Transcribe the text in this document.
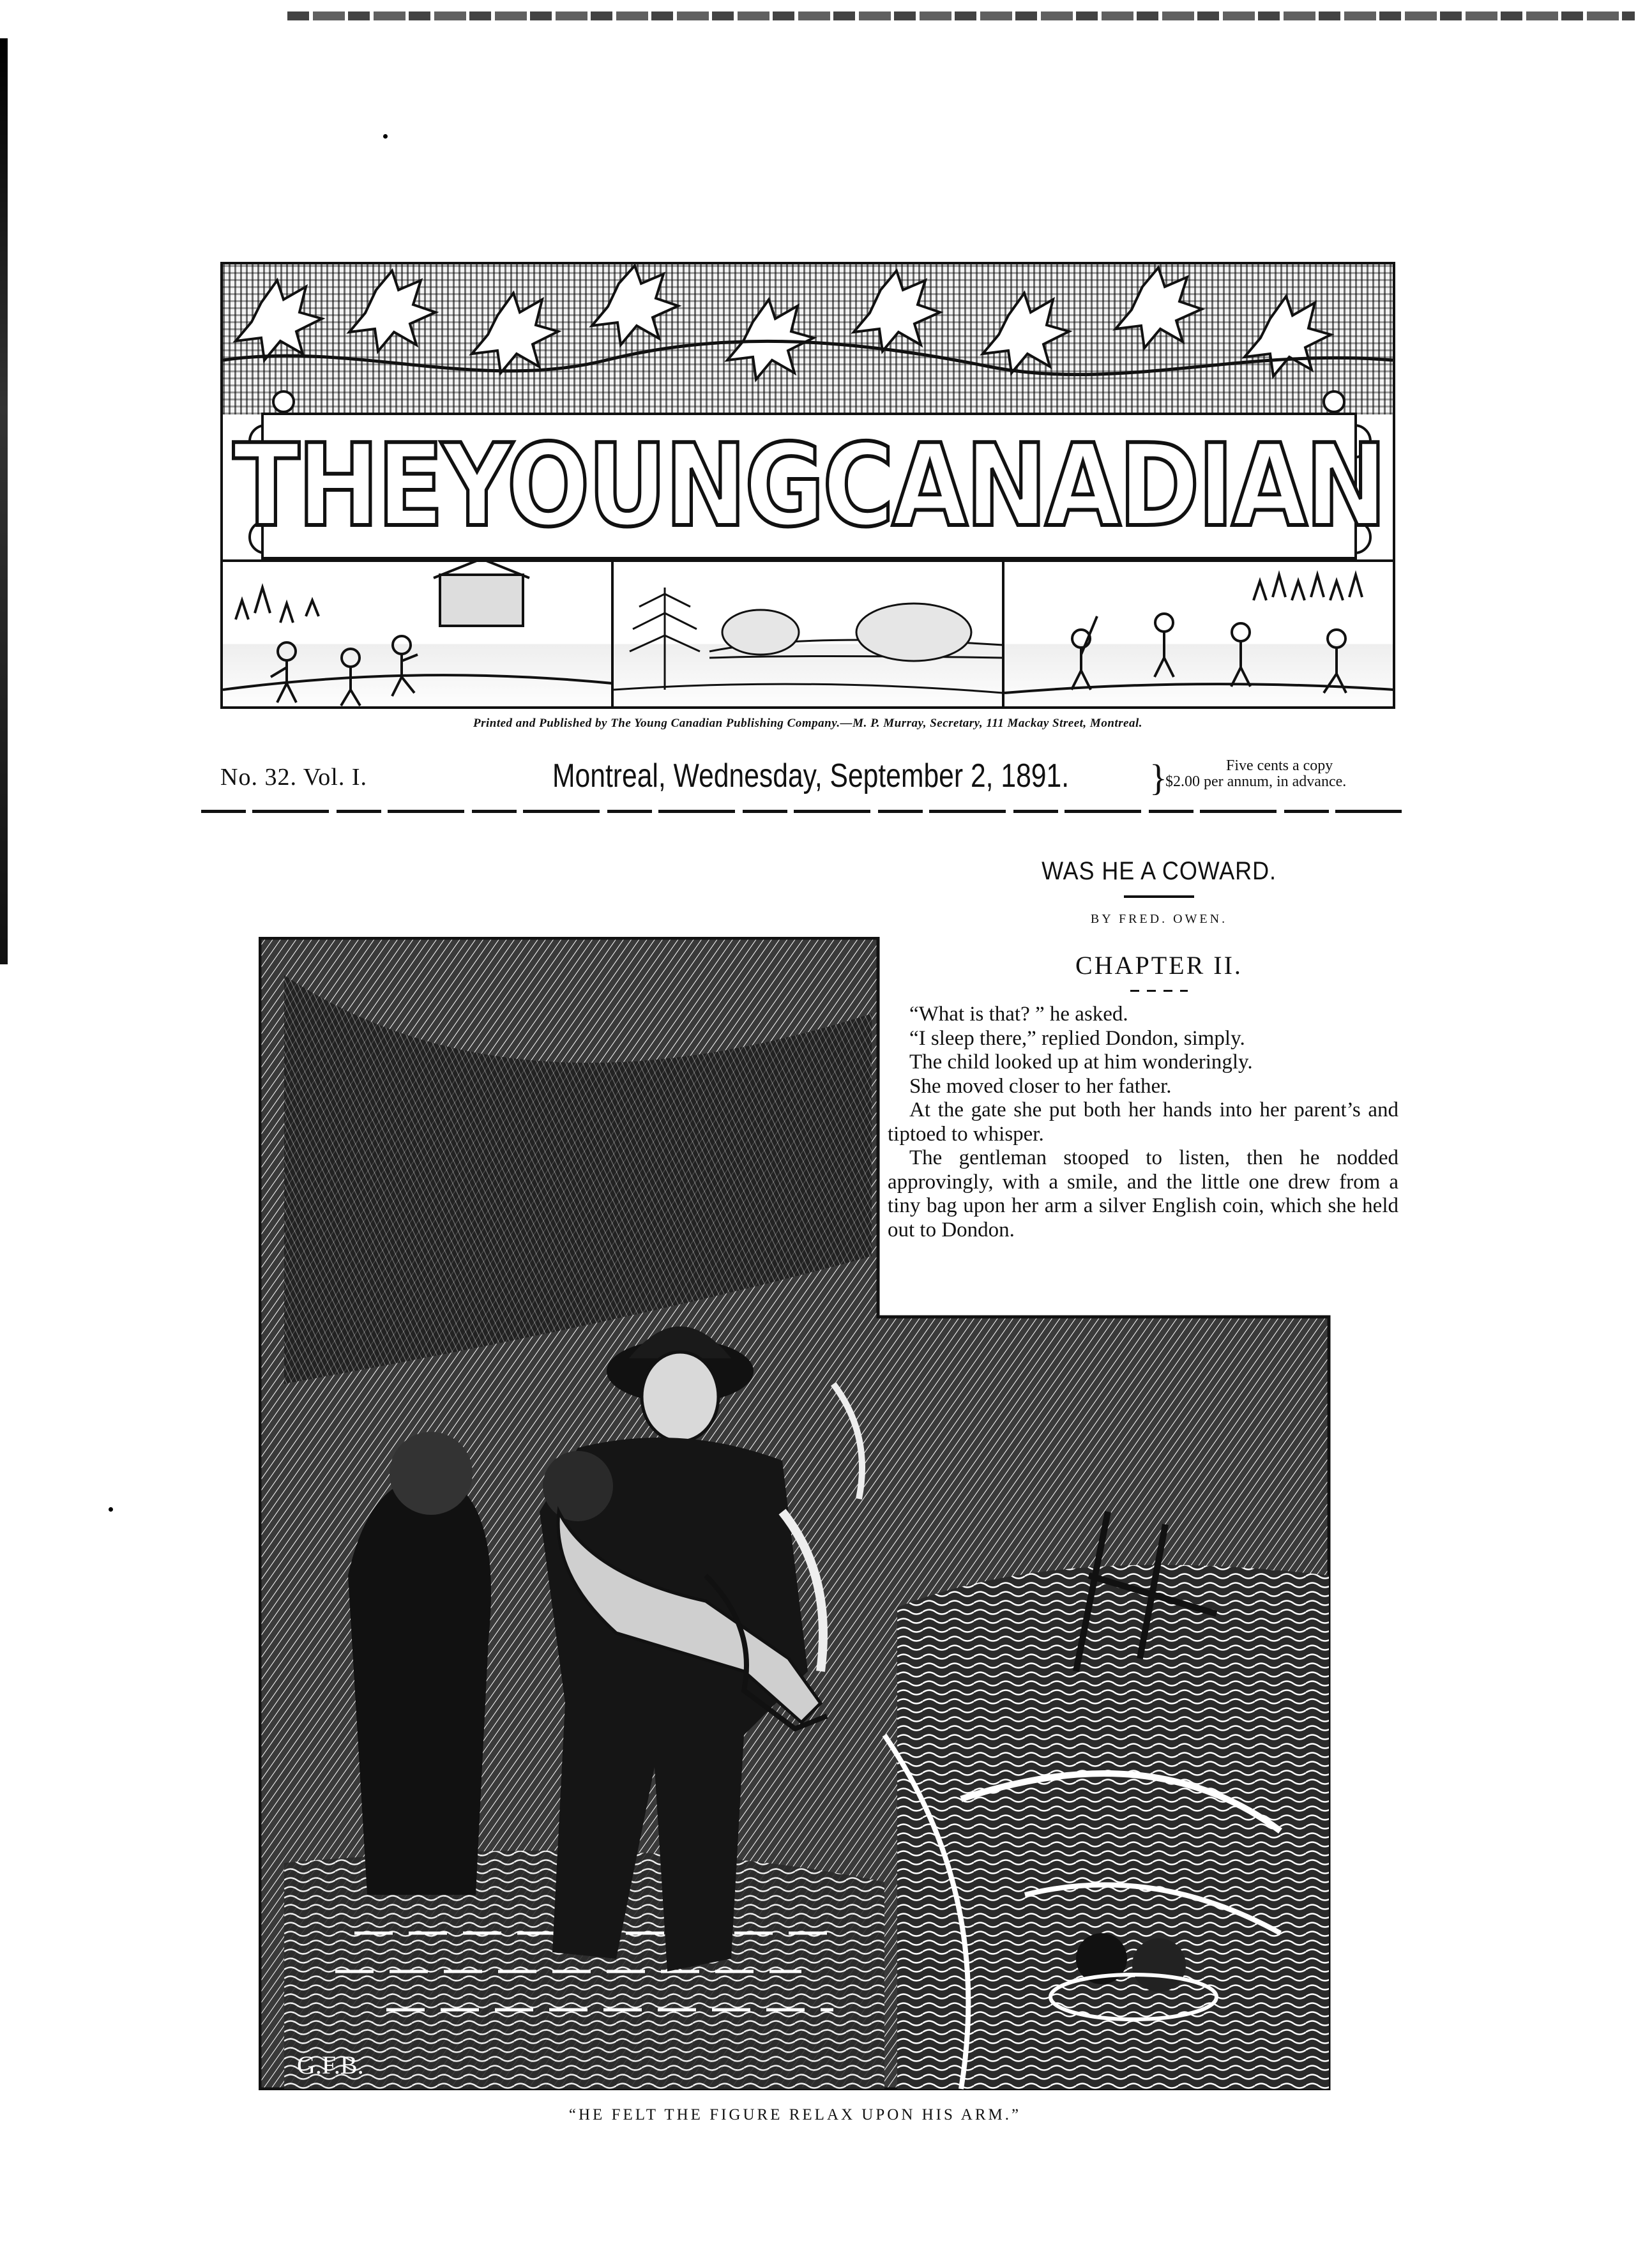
THEYOUNGCANADIAN
Printed and Published by The Young Canadian Publishing Company.—M. P. Murray, Secretary, 111 Mackay Street, Montreal.
No. 32. Vol. I.	Montreal, Wednesday, September 2, 1891. }	Five cents a copy
$2.00 per annum, in advance.
WAS HE A COWARD.
BY FRED. OWEN.
CHAPTER II.

“What is that? ” he asked.

“I sleep there,” replied Dondon, simply.

The child looked up at him wonderingly.

She moved closer to her father.

At the gate she put both her hands into her parent’s and tiptoed to whisper.

The gentleman stooped to listen, then he nodded approvingly, with a smile, and the little one drew from a tiny bag upon her arm a silver English coin, which she held out to Dondon.

G.F.B.
“HE FELT THE FIGURE RELAX UPON HIS ARM.”
